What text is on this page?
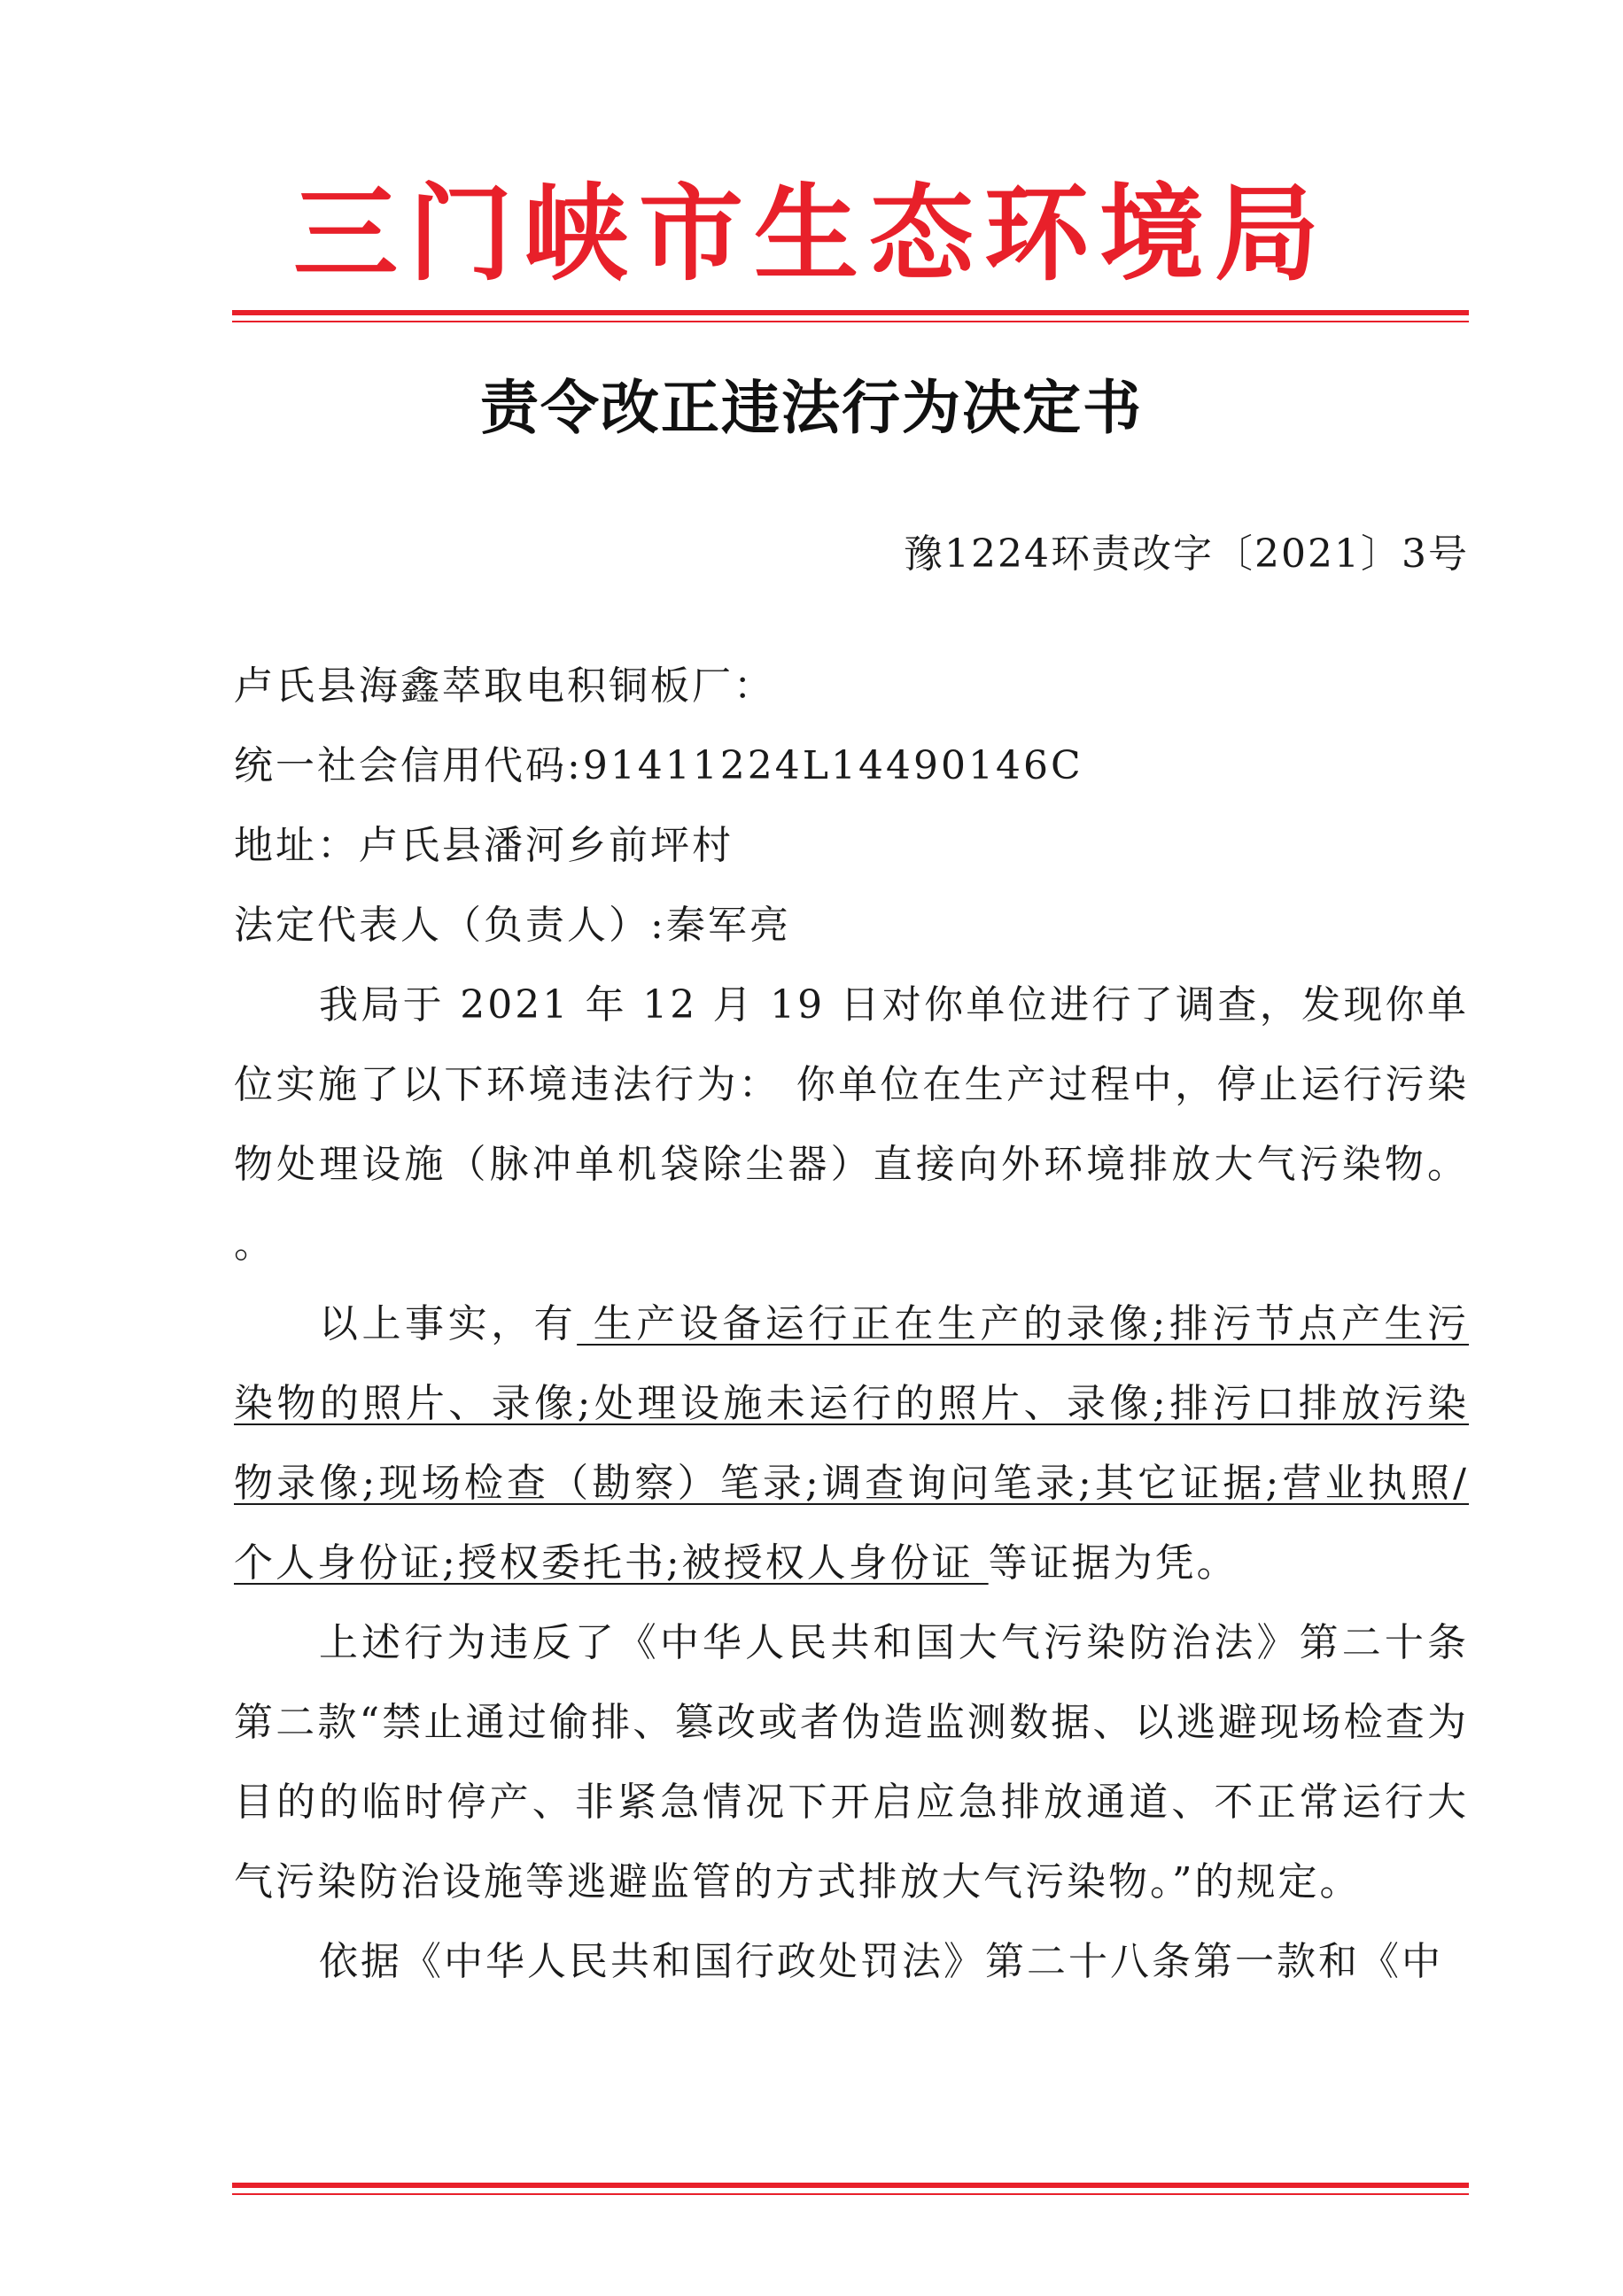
三门峡市生态环境局
责令改正违法行为决定书
豫1224环责改字〔2021〕3号

卢氏县海鑫萃取电积铜板厂：

统一社会信用代码:91411224L14490146C

地址：卢氏县潘河乡前坪村

法定代表人（负责人）:秦军亮

我局于 2021 年 12 月 19 日对你单位进行了调查，发现你单位实施了以下环境违法行为： 你单位在生产过程中，停止运行污染物处理设施（脉冲单机袋除尘器）直接向外环境排放大气污染物。 。

以上事实，有 生产设备运行正在生产的录像;排污节点产生污染物的照片、录像;处理设施未运行的照片、录像;排污口排放污染物录像;现场检查（勘察）笔录;调查询问笔录;其它证据;营业执照/个人身份证;授权委托书;被授权人身份证 等证据为凭。

上述行为违反了《中华人民共和国大气污染防治法》第二十条第二款“禁止通过偷排、篡改或者伪造监测数据、以逃避现场检查为目的的临时停产、非紧急情况下开启应急排放通道、不正常运行大气污染防治设施等逃避监管的方式排放大气污染物。”的规定。

依据《中华人民共和国行政处罚法》第二十八条第一款和《中
